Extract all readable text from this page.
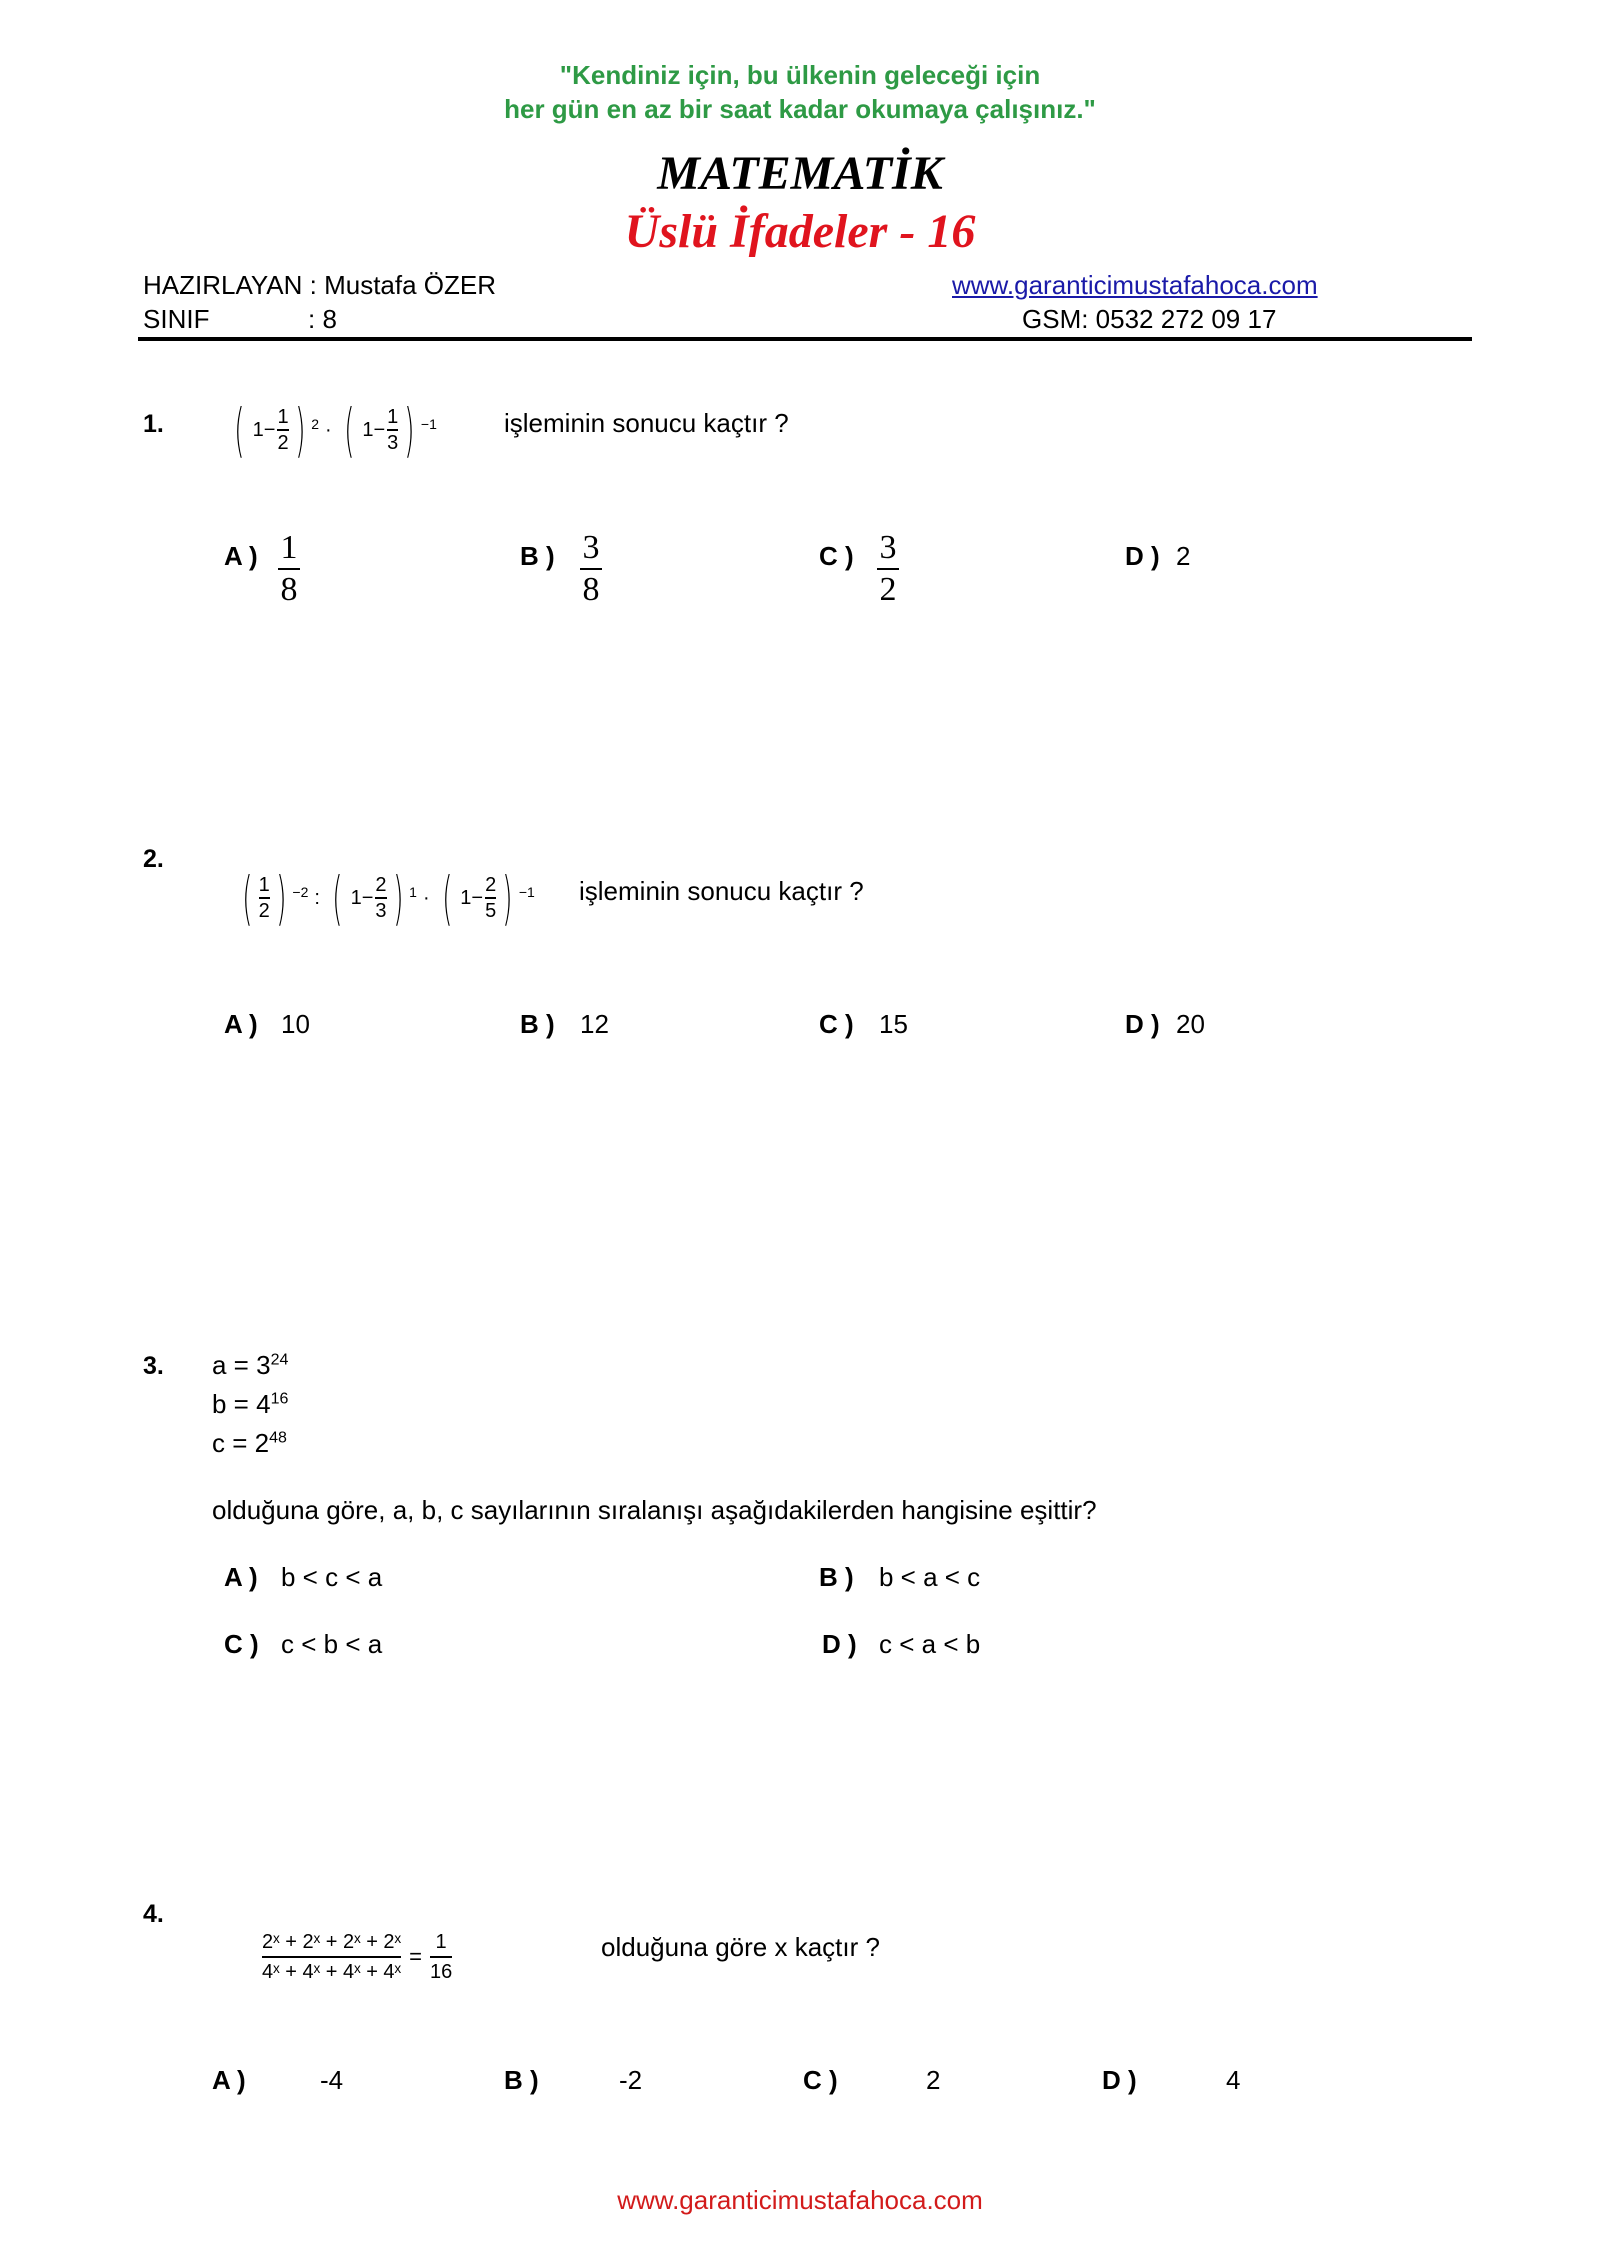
"Kendiniz için, bu ülkenin geleceği için
her gün en az bir saat kadar okumaya çalışınız."
MATEMATİK
Üslü İfadeler - 16
HAZIRLAYAN : Mustafa ÖZER	www.garanticimustafahoca.com
SINIF	: 8	GSM: 0532 272 09 17
1. ( 1−
1
2 ) 2 · ( 1−
1
3 ) −1	işleminin sonucu kaçtır ?
A ) 1
8
B ) 3
8
C ) 3
2
D ) 2
2.
( 1
2 ) −2 : ( 1−
2
3 ) 1 · ( 1−
2
5 ) −1 işleminin sonucu kaçtır ?
A ) 10	B ) 12	C ) 15	D ) 20
3. $a = 3^{24}$
$b = 4^{16}$
$c = 2^{48}$
olduğuna göre, a, b, c sayılarının sıralanışı aşağıdakilerden hangisine eşittir?
A ) b < c < a	B ) b < a < c
C ) c < b < a	D ) c < a < b
4.
2ˣ + 2ˣ + 2ˣ + 2ˣ
4ˣ + 4ˣ + 4ˣ + 4ˣ
=
1
16
olduğuna göre x kaçtır ?
A )	-4	B )	-2	C )	2	D )	4
www.garanticimustafahoca.com
